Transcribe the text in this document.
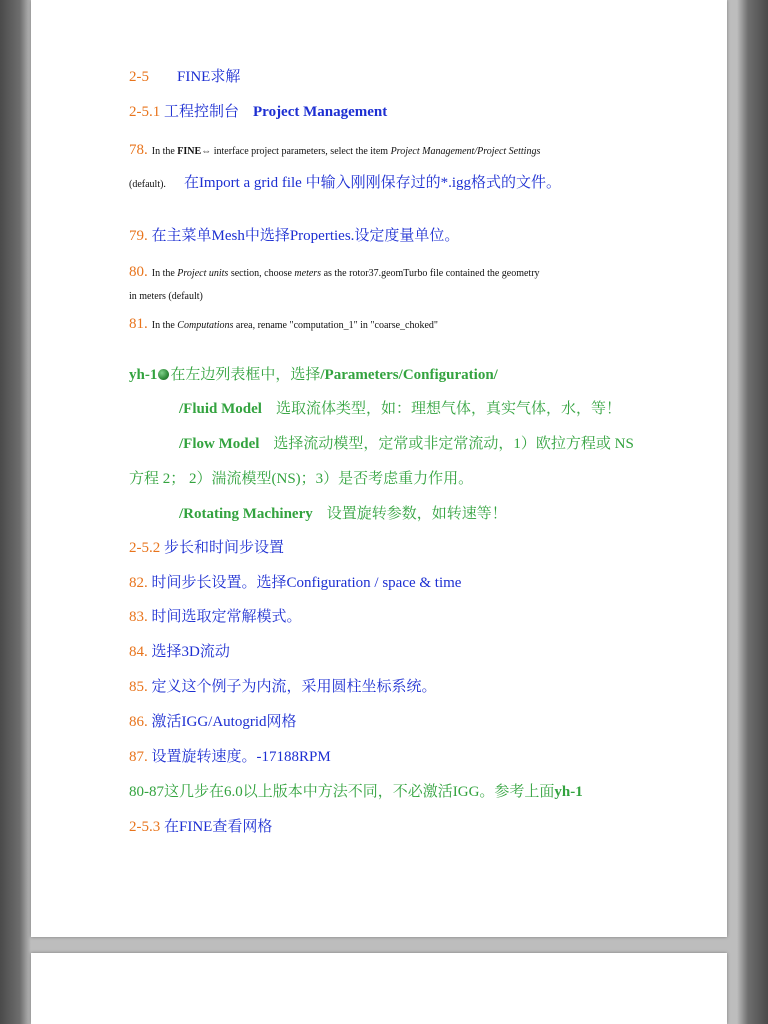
2-5 FINE求解
2-5.1 工程控制台 Project Management
78. In the FINE⇔ interface project parameters, select the item Project Management/Project Settings
(default). 在Import a grid file 中输入刚刚保存过的*.igg格式的文件。
79. 在主菜单Mesh中选择Properties.设定度量单位。
80. In the Project units section, choose meters as the rotor37.geomTurbo file contained the geometry
in meters (default)
81. In the Computations area, rename "computation_1" in "coarse_choked"
yh-1 在左边列表框中，选择/Parameters/Configuration/
/Fluid Model 选取流体类型，如：理想气体，真实气体，水，等！
/Flow Model 选择流动模型，定常或非定常流动，1）欧拉方程或 NS
方程 2； 2）湍流模型(NS)；3）是否考虑重力作用。
/Rotating Machinery 设置旋转参数，如转速等！
2-5.2 步长和时间步设置
82. 时间步长设置。选择Configuration / space & time
83. 时间选取定常解模式。
84. 选择3D流动
85. 定义这个例子为内流，采用圆柱坐标系统。
86. 激活IGG/Autogrid网格
87. 设置旋转速度。-17188RPM
80-87这几步在6.0以上版本中方法不同，不必激活IGG。参考上面yh-1
2-5.3 在FINE查看网格
